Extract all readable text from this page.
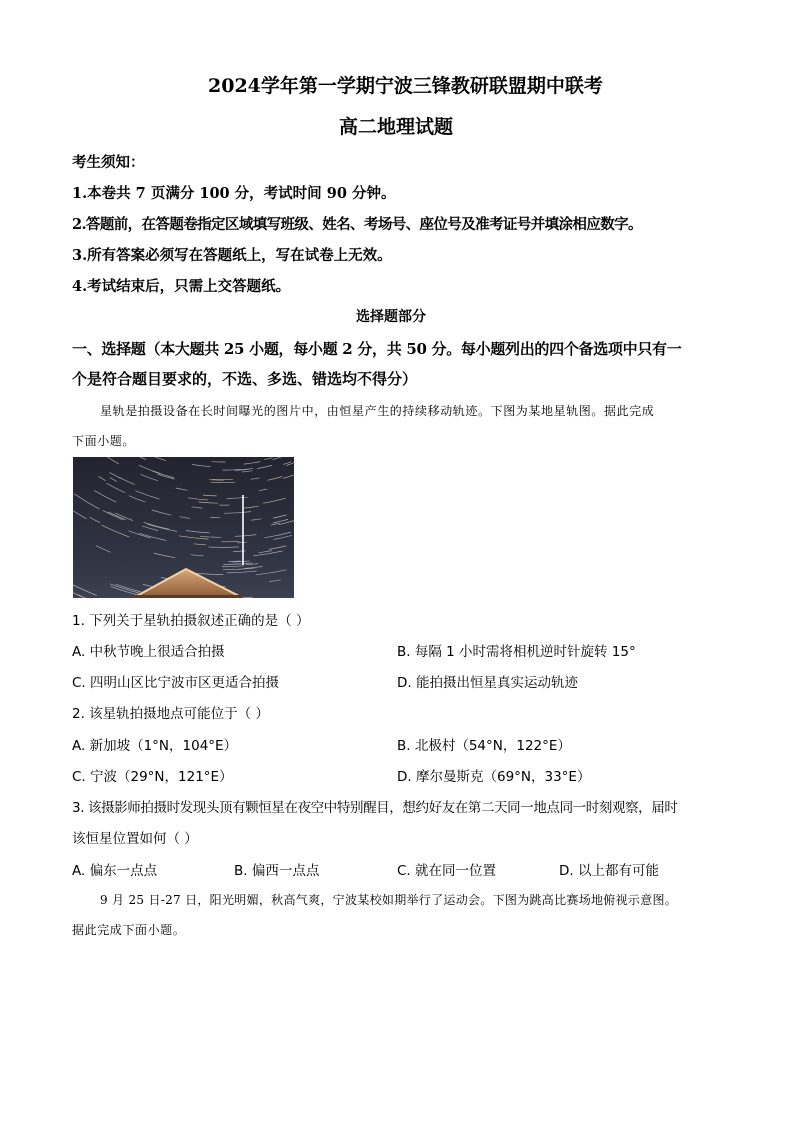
2024学年第一学期宁波三锋教研联盟期中联考
高二地理试题
考生须知：
1.本卷共 7 页满分 100 分，考试时间 90 分钟。
2.答题前，在答题卷指定区域填写班级、姓名、考场号、座位号及准考证号并填涂相应数字。
3.所有答案必须写在答题纸上，写在试卷上无效。
4.考试结束后，只需上交答题纸。
选择题部分
一、选择题（本大题共 25 小题，每小题 2 分，共 50 分。每小题列出的四个备选项中只有一
个是符合题目要求的，不选、多选、错选均不得分）
星轨是拍摄设备在长时间曝光的图片中，由恒星产生的持续移动轨迹。下图为某地星轨图。据此完成
下面小题。
1. 下列关于星轨拍摄叙述正确的是（ ）
A. 中秋节晚上很适合拍摄	B. 每隔 1 小时需将相机逆时针旋转 15°
C. 四明山区比宁波市区更适合拍摄	D. 能拍摄出恒星真实运动轨迹
2. 该星轨拍摄地点可能位于（ ）
A. 新加坡（1°N，104°E）	B. 北极村（54°N，122°E）
C. 宁波（29°N，121°E）	D. 摩尔曼斯克（69°N，33°E）
3. 该摄影师拍摄时发现头顶有颗恒星在夜空中特别醒目，想约好友在第二天同一地点同一时刻观察，届时
该恒星位置如何（ ）
A. 偏东一点点	B. 偏西一点点	C. 就在同一位置	D. 以上都有可能
9 月 25 日-27 日，阳光明媚，秋高气爽，宁波某校如期举行了运动会。下图为跳高比赛场地俯视示意图。
据此完成下面小题。
